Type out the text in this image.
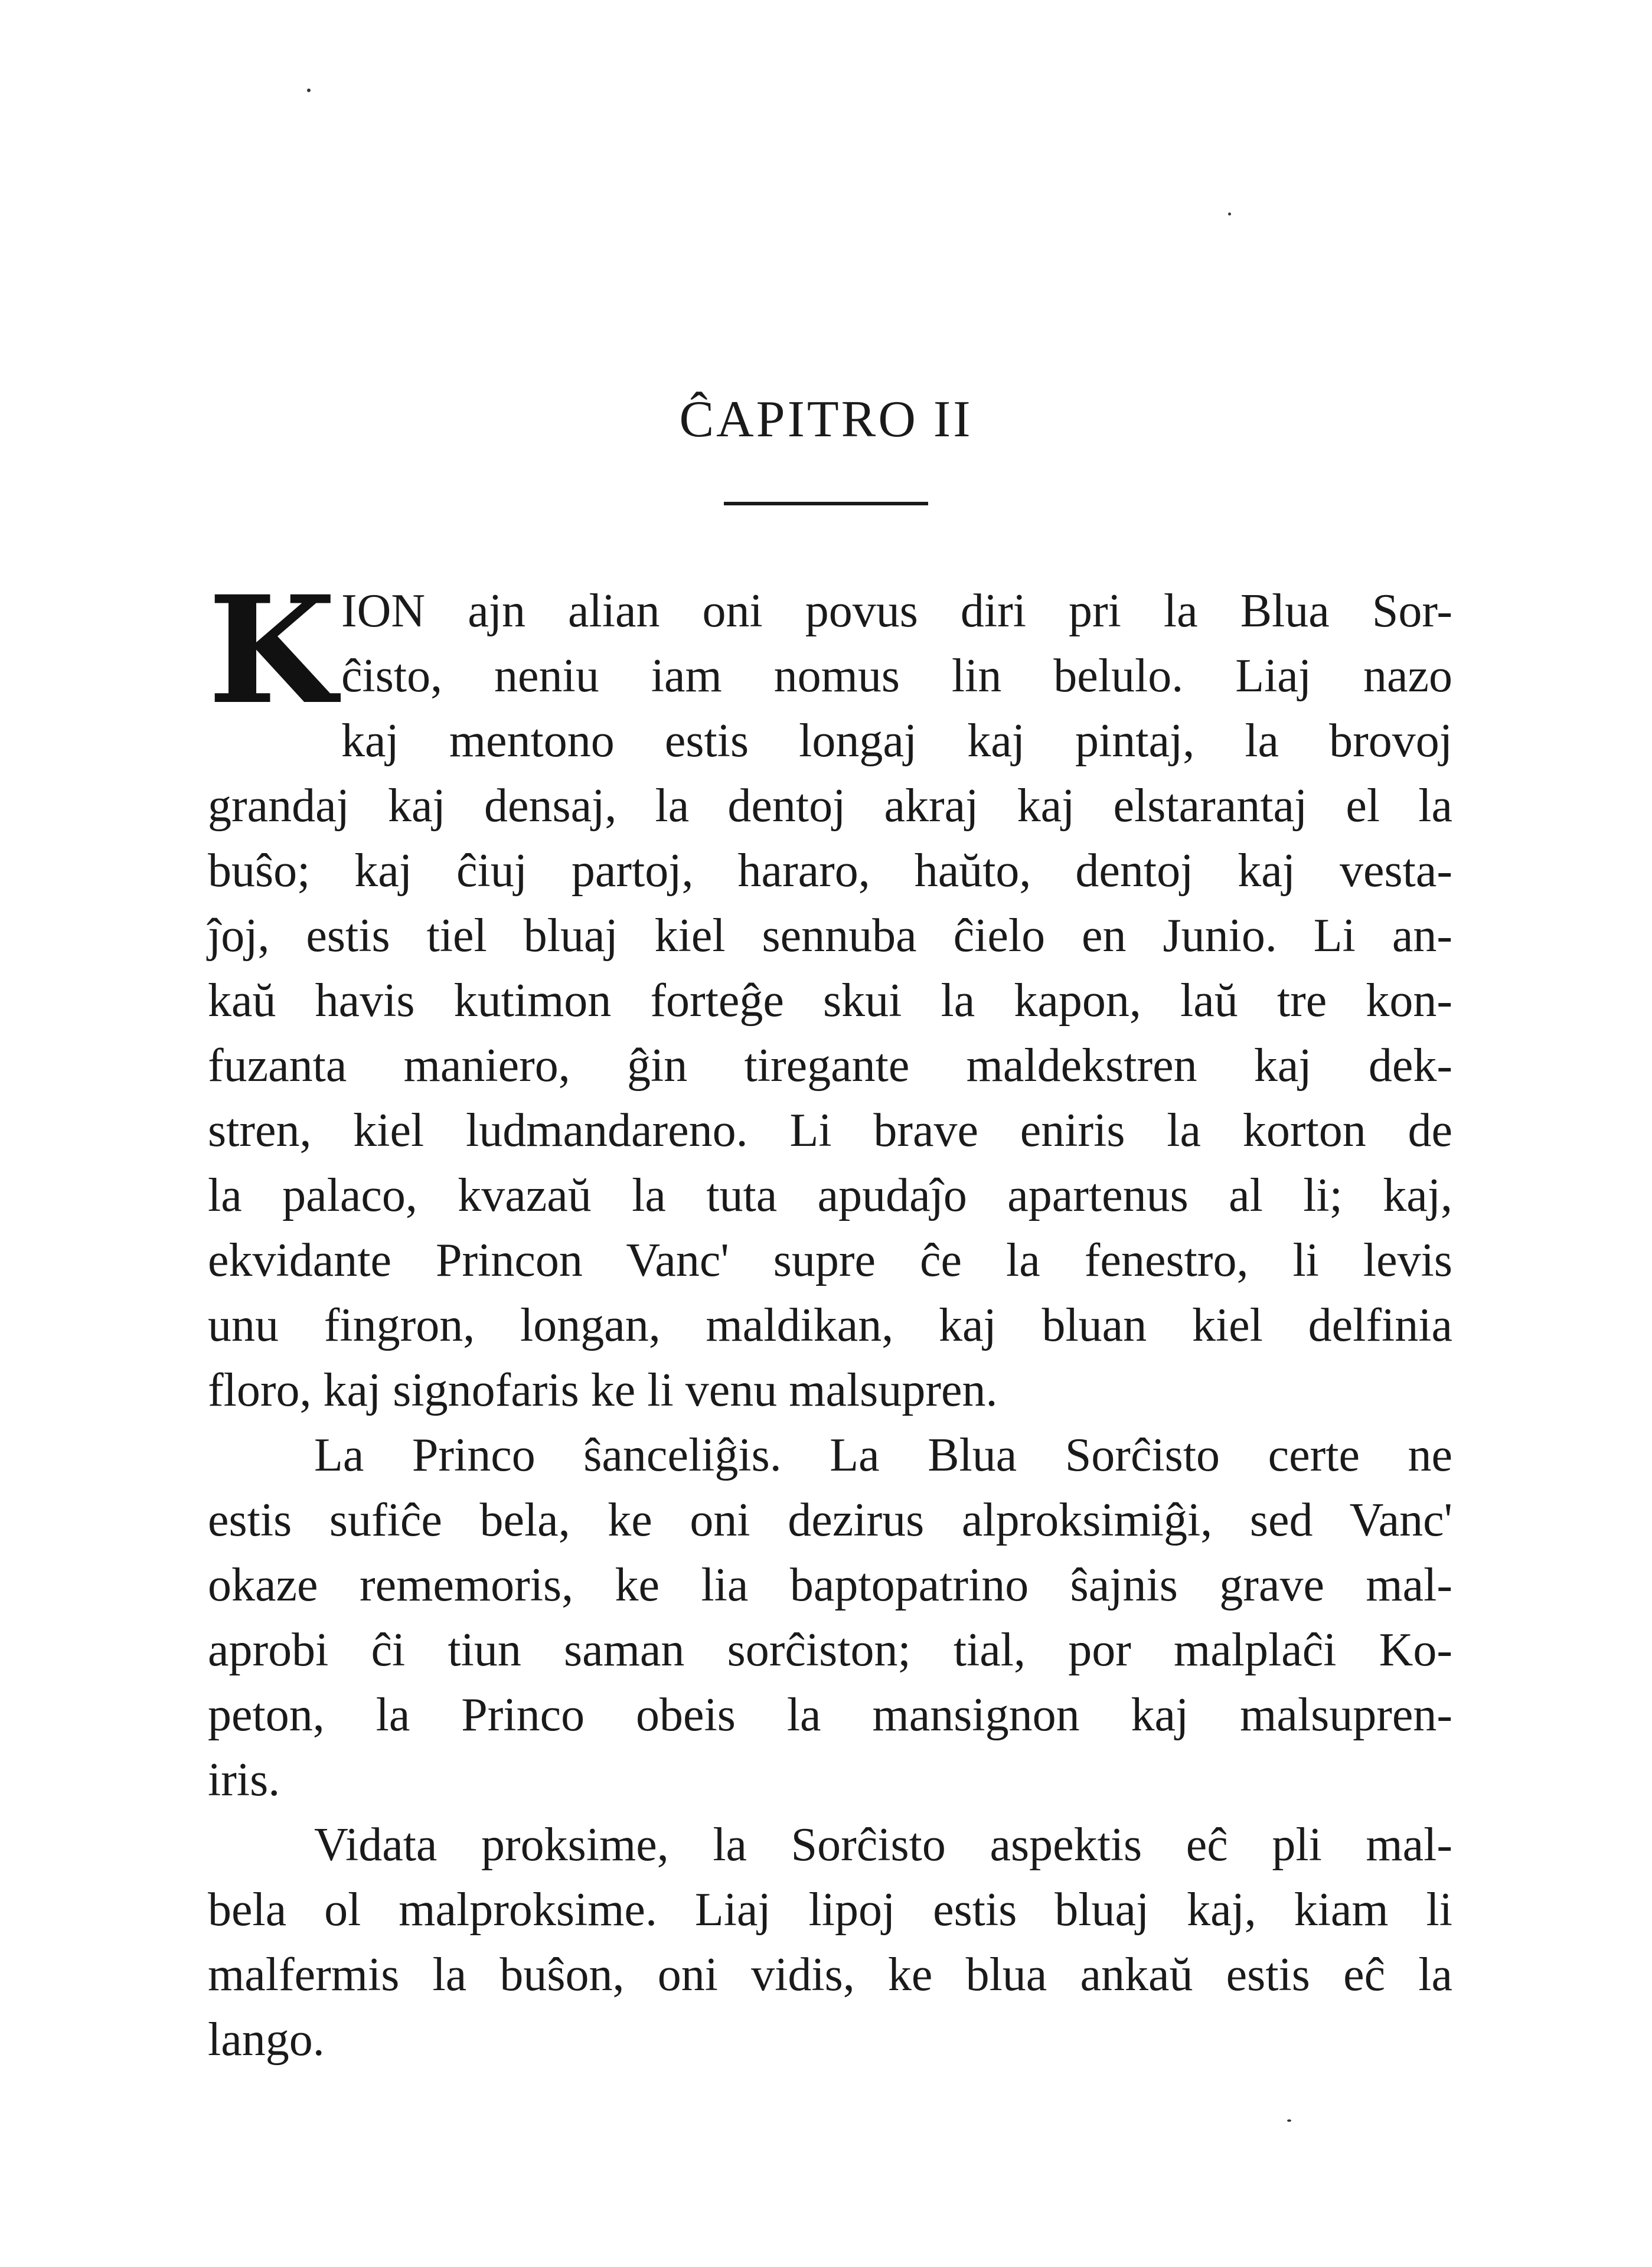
ĈAPITRO II
K ION ajn alian oni povus diri pri la Blua Sor-
ĉisto, neniu iam nomus lin belulo. Liaj nazo
kaj mentono estis longaj kaj pintaj, la brovoj
grandaj kaj densaj, la dentoj akraj kaj elstarantaj el la
buŝo; kaj ĉiuj partoj, hararo, haŭto, dentoj kaj vesta-
ĵoj, estis tiel bluaj kiel sennuba ĉielo en Junio. Li an-
kaŭ havis kutimon forteĝe skui la kapon, laŭ tre kon-
fuzanta maniero, ĝin tiregante maldekstren kaj dek-
stren, kiel ludmandareno. Li brave eniris la korton de
la palaco, kvazaŭ la tuta apudaĵo apartenus al li; kaj,
ekvidante Princon Vanc' supre ĉe la fenestro, li levis
unu fingron, longan, maldikan, kaj bluan kiel delfinia
floro, kaj signofaris ke li venu malsupren.
La Princo ŝanceliĝis. La Blua Sorĉisto certe ne
estis sufiĉe bela, ke oni dezirus alproksimiĝi, sed Vanc'
okaze rememoris, ke lia baptopatrino ŝajnis grave mal-
aprobi ĉi tiun saman sorĉiston; tial, por malplaĉi Ko-
peton, la Princo obeis la mansignon kaj malsupren-
iris.
Vidata proksime, la Sorĉisto aspektis eĉ pli mal-
bela ol malproksime. Liaj lipoj estis bluaj kaj, kiam li
malfermis la buŝon, oni vidis, ke blua ankaŭ estis eĉ la
lango.
